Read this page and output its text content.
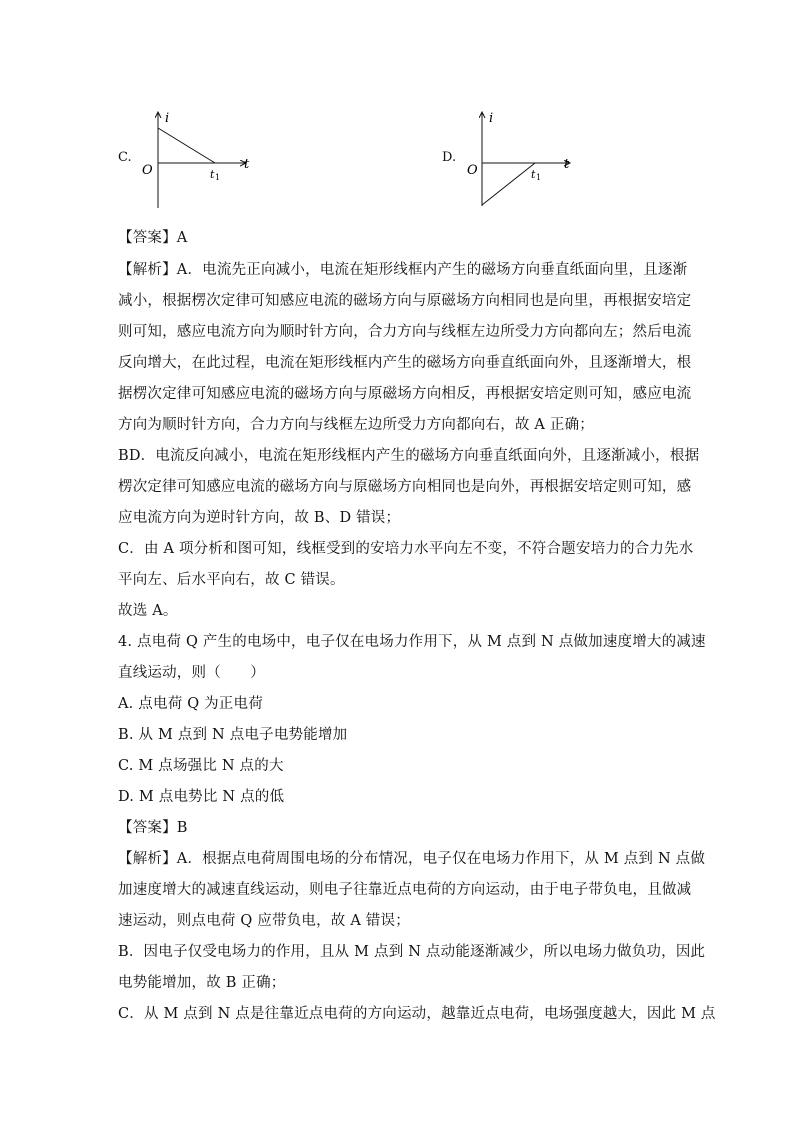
C.
i
t
O	t 1
D.
i
t
O	t 1
【答案】A
【解析】A．电流先正向减小，电流在矩形线框内产生的磁场方向垂直纸面向里，且逐渐
减小，根据楞次定律可知感应电流的磁场方向与原磁场方向相同也是向里，再根据安培定
则可知，感应电流方向为顺时针方向，合力方向与线框左边所受力方向都向左；然后电流
反向增大，在此过程，电流在矩形线框内产生的磁场方向垂直纸面向外，且逐渐增大，根
据楞次定律可知感应电流的磁场方向与原磁场方向相反，再根据安培定则可知，感应电流
方向为顺时针方向，合力方向与线框左边所受力方向都向右，故 A 正确；
BD．电流反向减小，电流在矩形线框内产生的磁场方向垂直纸面向外，且逐渐减小，根据
楞次定律可知感应电流的磁场方向与原磁场方向相同也是向外，再根据安培定则可知，感
应电流方向为逆时针方向，故 B、D 错误；
C．由 A 项分析和图可知，线框受到的安培力水平向左不变，不符合题安培力的合力先水
平向左、后水平向右，故 C 错误。
故选 A。
4. 点电荷 Q 产生的电场中，电子仅在电场力作用下，从 M 点到 N 点做加速度增大的减速
直线运动，则（　　）
A. 点电荷 Q 为正电荷
B. 从 M 点到 N 点电子电势能增加
C. M 点场强比 N 点的大
D. M 点电势比 N 点的低
【答案】B
【解析】A．根据点电荷周围电场的分布情况，电子仅在电场力作用下，从 M 点到 N 点做
加速度增大的减速直线运动，则电子往靠近点电荷的方向运动，由于电子带负电，且做减
速运动，则点电荷 Q 应带负电，故 A 错误；
B．因电子仅受电场力的作用，且从 M 点到 N 点动能逐渐减少，所以电场力做负功，因此
电势能增加，故 B 正确；
C．从 M 点到 N 点是往靠近点电荷的方向运动，越靠近点电荷，电场强度越大，因此 M 点
